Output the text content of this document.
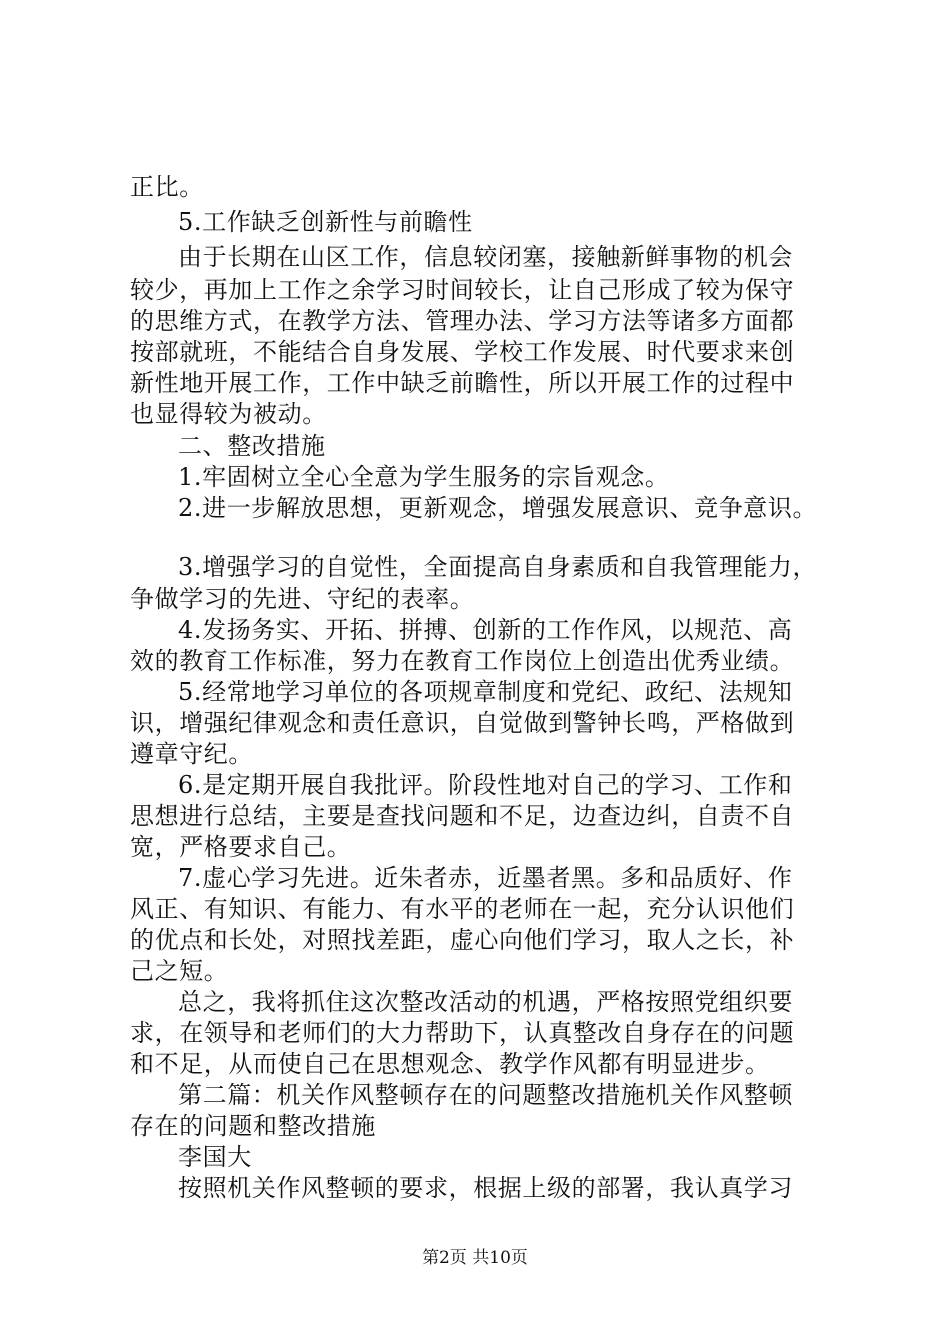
正比。
5.工作缺乏创新性与前瞻性
由于长期在山区工作，信息较闭塞，接触新鲜事物的机会
较少，再加上工作之余学习时间较长，让自己形成了较为保守
的思维方式，在教学方法、管理办法、学习方法等诸多方面都
按部就班，不能结合自身发展、学校工作发展、时代要求来创
新性地开展工作，工作中缺乏前瞻性，所以开展工作的过程中
也显得较为被动。
二、整改措施
1.牢固树立全心全意为学生服务的宗旨观念。
2.进一步解放思想，更新观念，增强发展意识、竞争意识。
3.增强学习的自觉性，全面提高自身素质和自我管理能力，
争做学习的先进、守纪的表率。
4.发扬务实、开拓、拼搏、创新的工作作风，以规范、高
效的教育工作标准，努力在教育工作岗位上创造出优秀业绩。
5.经常地学习单位的各项规章制度和党纪、政纪、法规知
识，增强纪律观念和责任意识，自觉做到警钟长鸣，严格做到
遵章守纪。
6.是定期开展自我批评。阶段性地对自己的学习、工作和
思想进行总结，主要是查找问题和不足，边查边纠，自责不自
宽，严格要求自己。
7.虚心学习先进。近朱者赤，近墨者黑。多和品质好、作
风正、有知识、有能力、有水平的老师在一起，充分认识他们
的优点和长处，对照找差距，虚心向他们学习，取人之长，补
己之短。
总之，我将抓住这次整改活动的机遇，严格按照党组织要
求，在领导和老师们的大力帮助下，认真整改自身存在的问题
和不足，从而使自己在思想观念、教学作风都有明显进步。
第二篇：机关作风整顿存在的问题整改措施机关作风整顿
存在的问题和整改措施
李国大
按照机关作风整顿的要求，根据上级的部署，我认真学习
第2页 共10页
